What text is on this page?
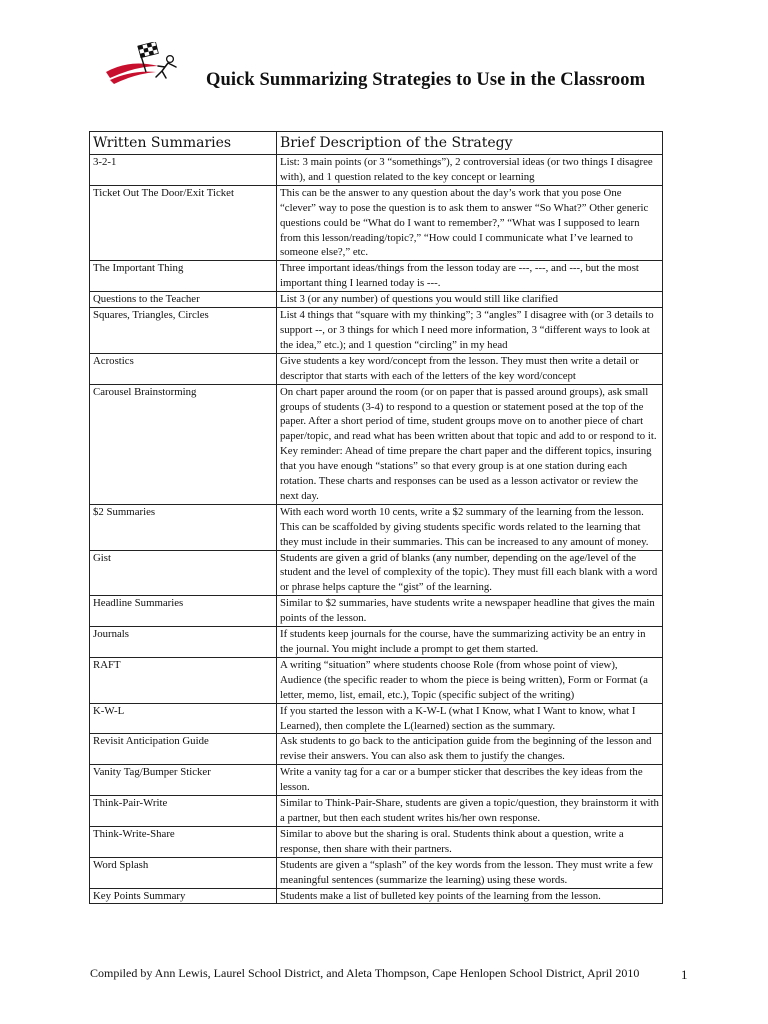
Quick Summarizing Strategies to Use in the Classroom
Written Summaries	Brief Description of the Strategy
3-2-1	List: 3 main points (or 3 “somethings”), 2 controversial ideas (or two things I disagree with), and 1 question related to the key concept or learning
Ticket Out The Door/Exit Ticket	This can be the answer to any question about the day’s work that you pose One “clever” way to pose the question is to ask them to answer “So What?” Other generic questions could be “What do I want to remember?,” “What was I supposed to learn from this lesson/reading/topic?,” “How could I communicate what I’ve learned to someone else?,” etc.
The Important Thing	Three important ideas/things from the lesson today are ---, ---, and ---, but the most important thing I learned today is ---.
Questions to the Teacher	List 3 (or any number) of questions you would still like clarified
Squares, Triangles, Circles	List 4 things that “square with my thinking”; 3 “angles” I disagree with (or 3 details to support --, or 3 things for which I need more information, 3 “different ways to look at the idea,” etc.); and 1 question “circling” in my head
Acrostics	Give students a key word/concept from the lesson. They must then write a detail or descriptor that starts with each of the letters of the key word/concept
Carousel Brainstorming	On chart paper around the room (or on paper that is passed around groups), ask small groups of students (3-4) to respond to a question or statement posed at the top of the paper. After a short period of time, student groups move on to another piece of chart paper/topic, and read what has been written about that topic and add to or respond to it. Key reminder: Ahead of time prepare the chart paper and the different topics, insuring that you have enough “stations” so that every group is at one station during each rotation. These charts and responses can be used as a lesson activator or review the next day.
$2 Summaries	With each word worth 10 cents, write a $2 summary of the learning from the lesson.
This can be scaffolded by giving students specific words related to the learning that they must include in their summaries. This can be increased to any amount of money.
Gist	Students are given a grid of blanks (any number, depending on the age/level of the student and the level of complexity of the topic). They must fill each blank with a word or phrase helps capture the “gist” of the learning.
Headline Summaries	Similar to $2 summaries, have students write a newspaper headline that gives the main points of the lesson.
Journals	If students keep journals for the course, have the summarizing activity be an entry in the journal. You might include a prompt to get them started.
RAFT	A writing “situation” where students choose Role (from whose point of view), Audience (the specific reader to whom the piece is being written), Form or Format (a letter, memo, list, email, etc.), Topic (specific subject of the writing)
K-W-L	If you started the lesson with a K-W-L (what I Know, what I Want to know, what I Learned), then complete the L(learned) section as the summary.
Revisit Anticipation Guide	Ask students to go back to the anticipation guide from the beginning of the lesson and revise their answers. You can also ask them to justify the changes.
Vanity Tag/Bumper Sticker	Write a vanity tag for a car or a bumper sticker that describes the key ideas from the lesson.
Think-Pair-Write	Similar to Think-Pair-Share, students are given a topic/question, they brainstorm it with a partner, but then each student writes his/her own response.
Think-Write-Share	Similar to above but the sharing is oral. Students think about a question, write a response, then share with their partners.
Word Splash	Students are given a “splash” of the key words from the lesson. They must write a few meaningful sentences (summarize the learning) using these words.
Key Points Summary	Students make a list of bulleted key points of the learning from the lesson.
Compiled by Ann Lewis, Laurel School District, and Aleta Thompson, Cape Henlopen School District, April 2010	1
